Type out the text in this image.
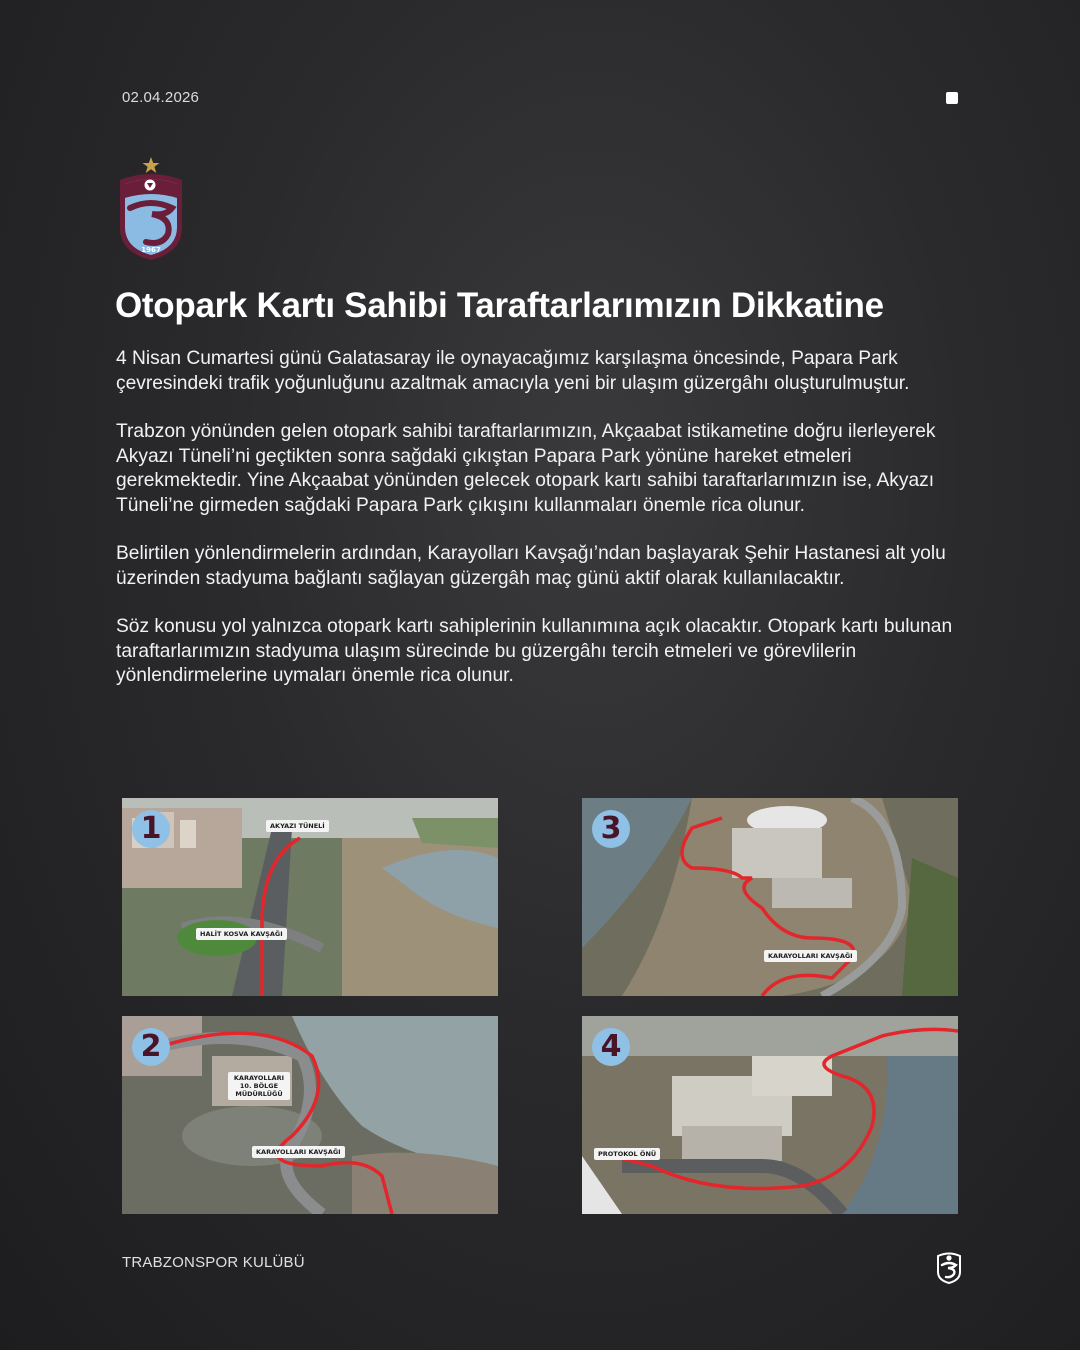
02.04.2026
1967
Otopark Kartı Sahibi Taraftarlarımızın Dikkatine

4 Nisan Cumartesi günü Galatasaray ile oynayacağımız karşılaşma öncesinde, Papara Park çevresindeki trafik yoğunluğunu azaltmak amacıyla yeni bir ulaşım güzergâhı oluşturulmuştur.

Trabzon yönünden gelen otopark sahibi taraftarlarımızın, Akçaabat istikametine doğru ilerleyerek Akyazı Tüneli’ni geçtikten sonra sağdaki çıkıştan Papara Park yönüne hareket etmeleri gerekmektedir. Yine Akçaabat yönünden gelecek otopark kartı sahibi taraftarlarımızın ise, Akyazı Tüneli’ne girmeden sağdaki Papara Park çıkışını kullanmaları önemle rica olunur.

Belirtilen yönlendirmelerin ardından, Karayolları Kavşağı’ndan başlayarak Şehir Hastanesi alt yolu üzerinden stadyuma bağlantı sağlayan güzergâh maç günü aktif olarak kullanılacaktır.

Söz konusu yol yalnızca otopark kartı sahiplerinin kullanımına açık olacaktır. Otopark kartı bulunan taraftarlarımızın stadyuma ulaşım sürecinde bu güzergâhı tercih etmeleri ve görevlilerin yönlendirmelerine uymaları önemle rica olunur.

1	AKYAZI TÜNELİ
HALİT KOSVA KAVŞAĞI
2
KARAYOLLARI 10. BÖLGE MÜDÜRLÜĞÜ
KARAYOLLARI KAVŞAĞI
3
KARAYOLLARI KAVŞAĞI
4
PROTOKOL ÖNÜ
TRABZONSPOR KULÜBÜ
